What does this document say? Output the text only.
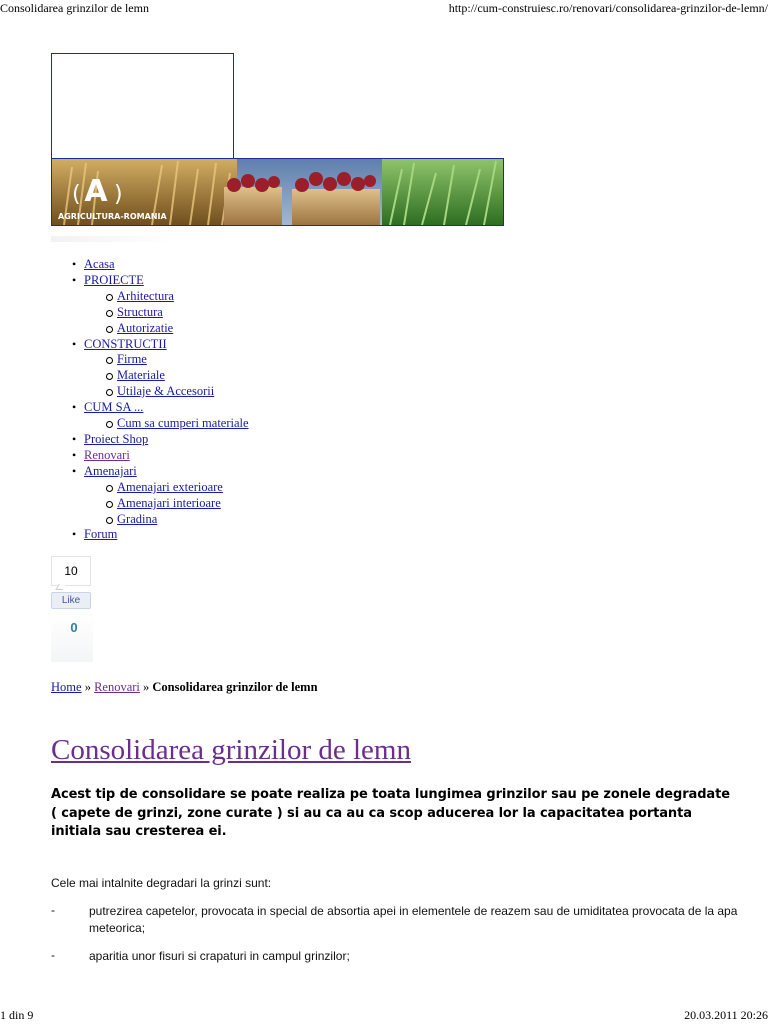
Consolidarea grinzilor de lemn	http://cum-construiesc.ro/renovari/consolidarea-grinzilor-de-lemn/
A
( )
AGRICULTURA-ROMANIA
• Acasa
• PROIECTE
Arhitectura
Structura
Autorizatie
• CONSTRUCTII
Firme
Materiale
Utilaje & Accesorii
• CUM SA ...
Cum sa cumperi materiale
• Proiect Shop
• Renovari
• Amenajari
Amenajari exterioare
Amenajari interioare
Gradina
• Forum
10
Like
0
Home » Renovari » Consolidarea grinzilor de lemn
Consolidarea grinzilor de lemn
Acest tip de consolidare se poate realiza pe toata lungimea grinzilor sau pe zonele degradate ( capete de grinzi, zone curate ) si au ca au ca scop aducerea lor la capacitatea portanta initiala sau cresterea ei.
Cele mai intalnite degradari la grinzi sunt:
-	putrezirea capetelor, provocata in special de absortia apei in elementele de reazem sau de umiditatea provocata de la apa meteorica;
-	aparitia unor fisuri si crapaturi in campul grinzilor;
1 din 9	20.03.2011 20:26
